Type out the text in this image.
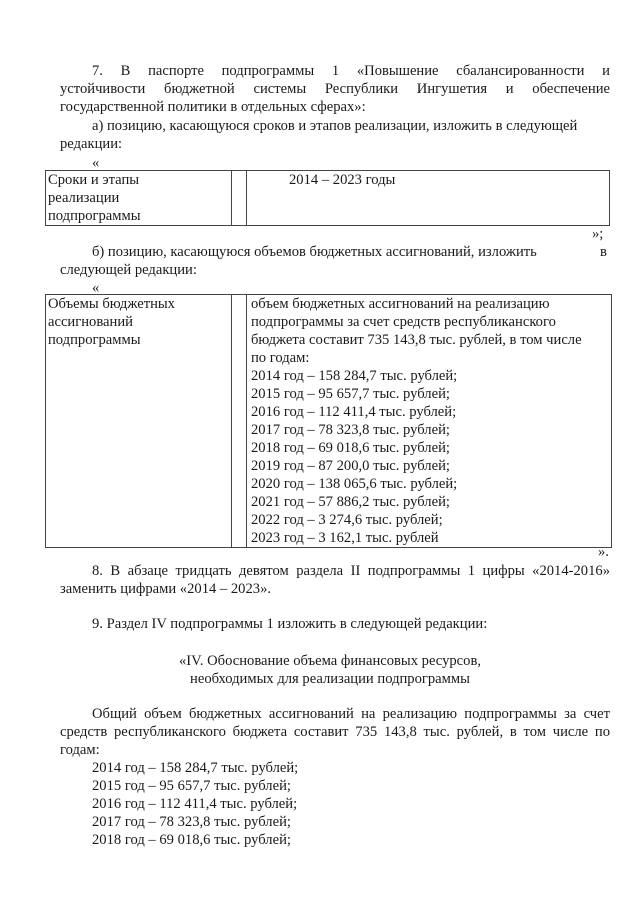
7. В паспорте подпрограммы 1 «Повышение сбалансированности и
устойчивости бюджетной системы Республики Ингушетия и обеспечение
государственной политики в отдельных сферах»:
а) позицию, касающуюся сроков и этапов реализации, изложить в следующей
редакции:
«
Сроки и этапы
реализации
подпрограммы
		2014 – 2023 годы
»;
б) позицию, касающуюся объемов бюджетных ассигнований, изложить	в
следующей редакции:
«
Объемы бюджетных
ассигнований
подпрограммы

объем бюджетных ассигнований на реализацию
подпрограммы за счет средств республиканского
бюджета составит 735 143,8 тыс. рублей, в том числе
по годам:
2014 год – 158 284,7 тыс. рублей;
2015 год – 95 657,7 тыс. рублей;
2016 год – 112 411,4 тыс. рублей;
2017 год – 78 323,8 тыс. рублей;
2018 год – 69 018,6 тыс. рублей;
2019 год – 87 200,0 тыс. рублей;
2020 год – 138 065,6 тыс. рублей;
2021 год – 57 886,2 тыс. рублей;
2022 год – 3 274,6 тыс. рублей;
2023 год – 3 162,1 тыс. рублей
».
8. В абзаце тридцать девятом раздела II подпрограммы 1 цифры «2014-2016»
заменить цифрами «2014 – 2023».
9. Раздел IV подпрограммы 1 изложить в следующей редакции:
«IV. Обоснование объема финансовых ресурсов,
необходимых для реализации подпрограммы
Общий объем бюджетных ассигнований на реализацию подпрограммы за счет
средств республиканского бюджета составит 735 143,8 тыс. рублей, в том числе по
годам:
2014 год – 158 284,7 тыс. рублей;
2015 год – 95 657,7 тыс. рублей;
2016 год – 112 411,4 тыс. рублей;
2017 год – 78 323,8 тыс. рублей;
2018 год – 69 018,6 тыс. рублей;
